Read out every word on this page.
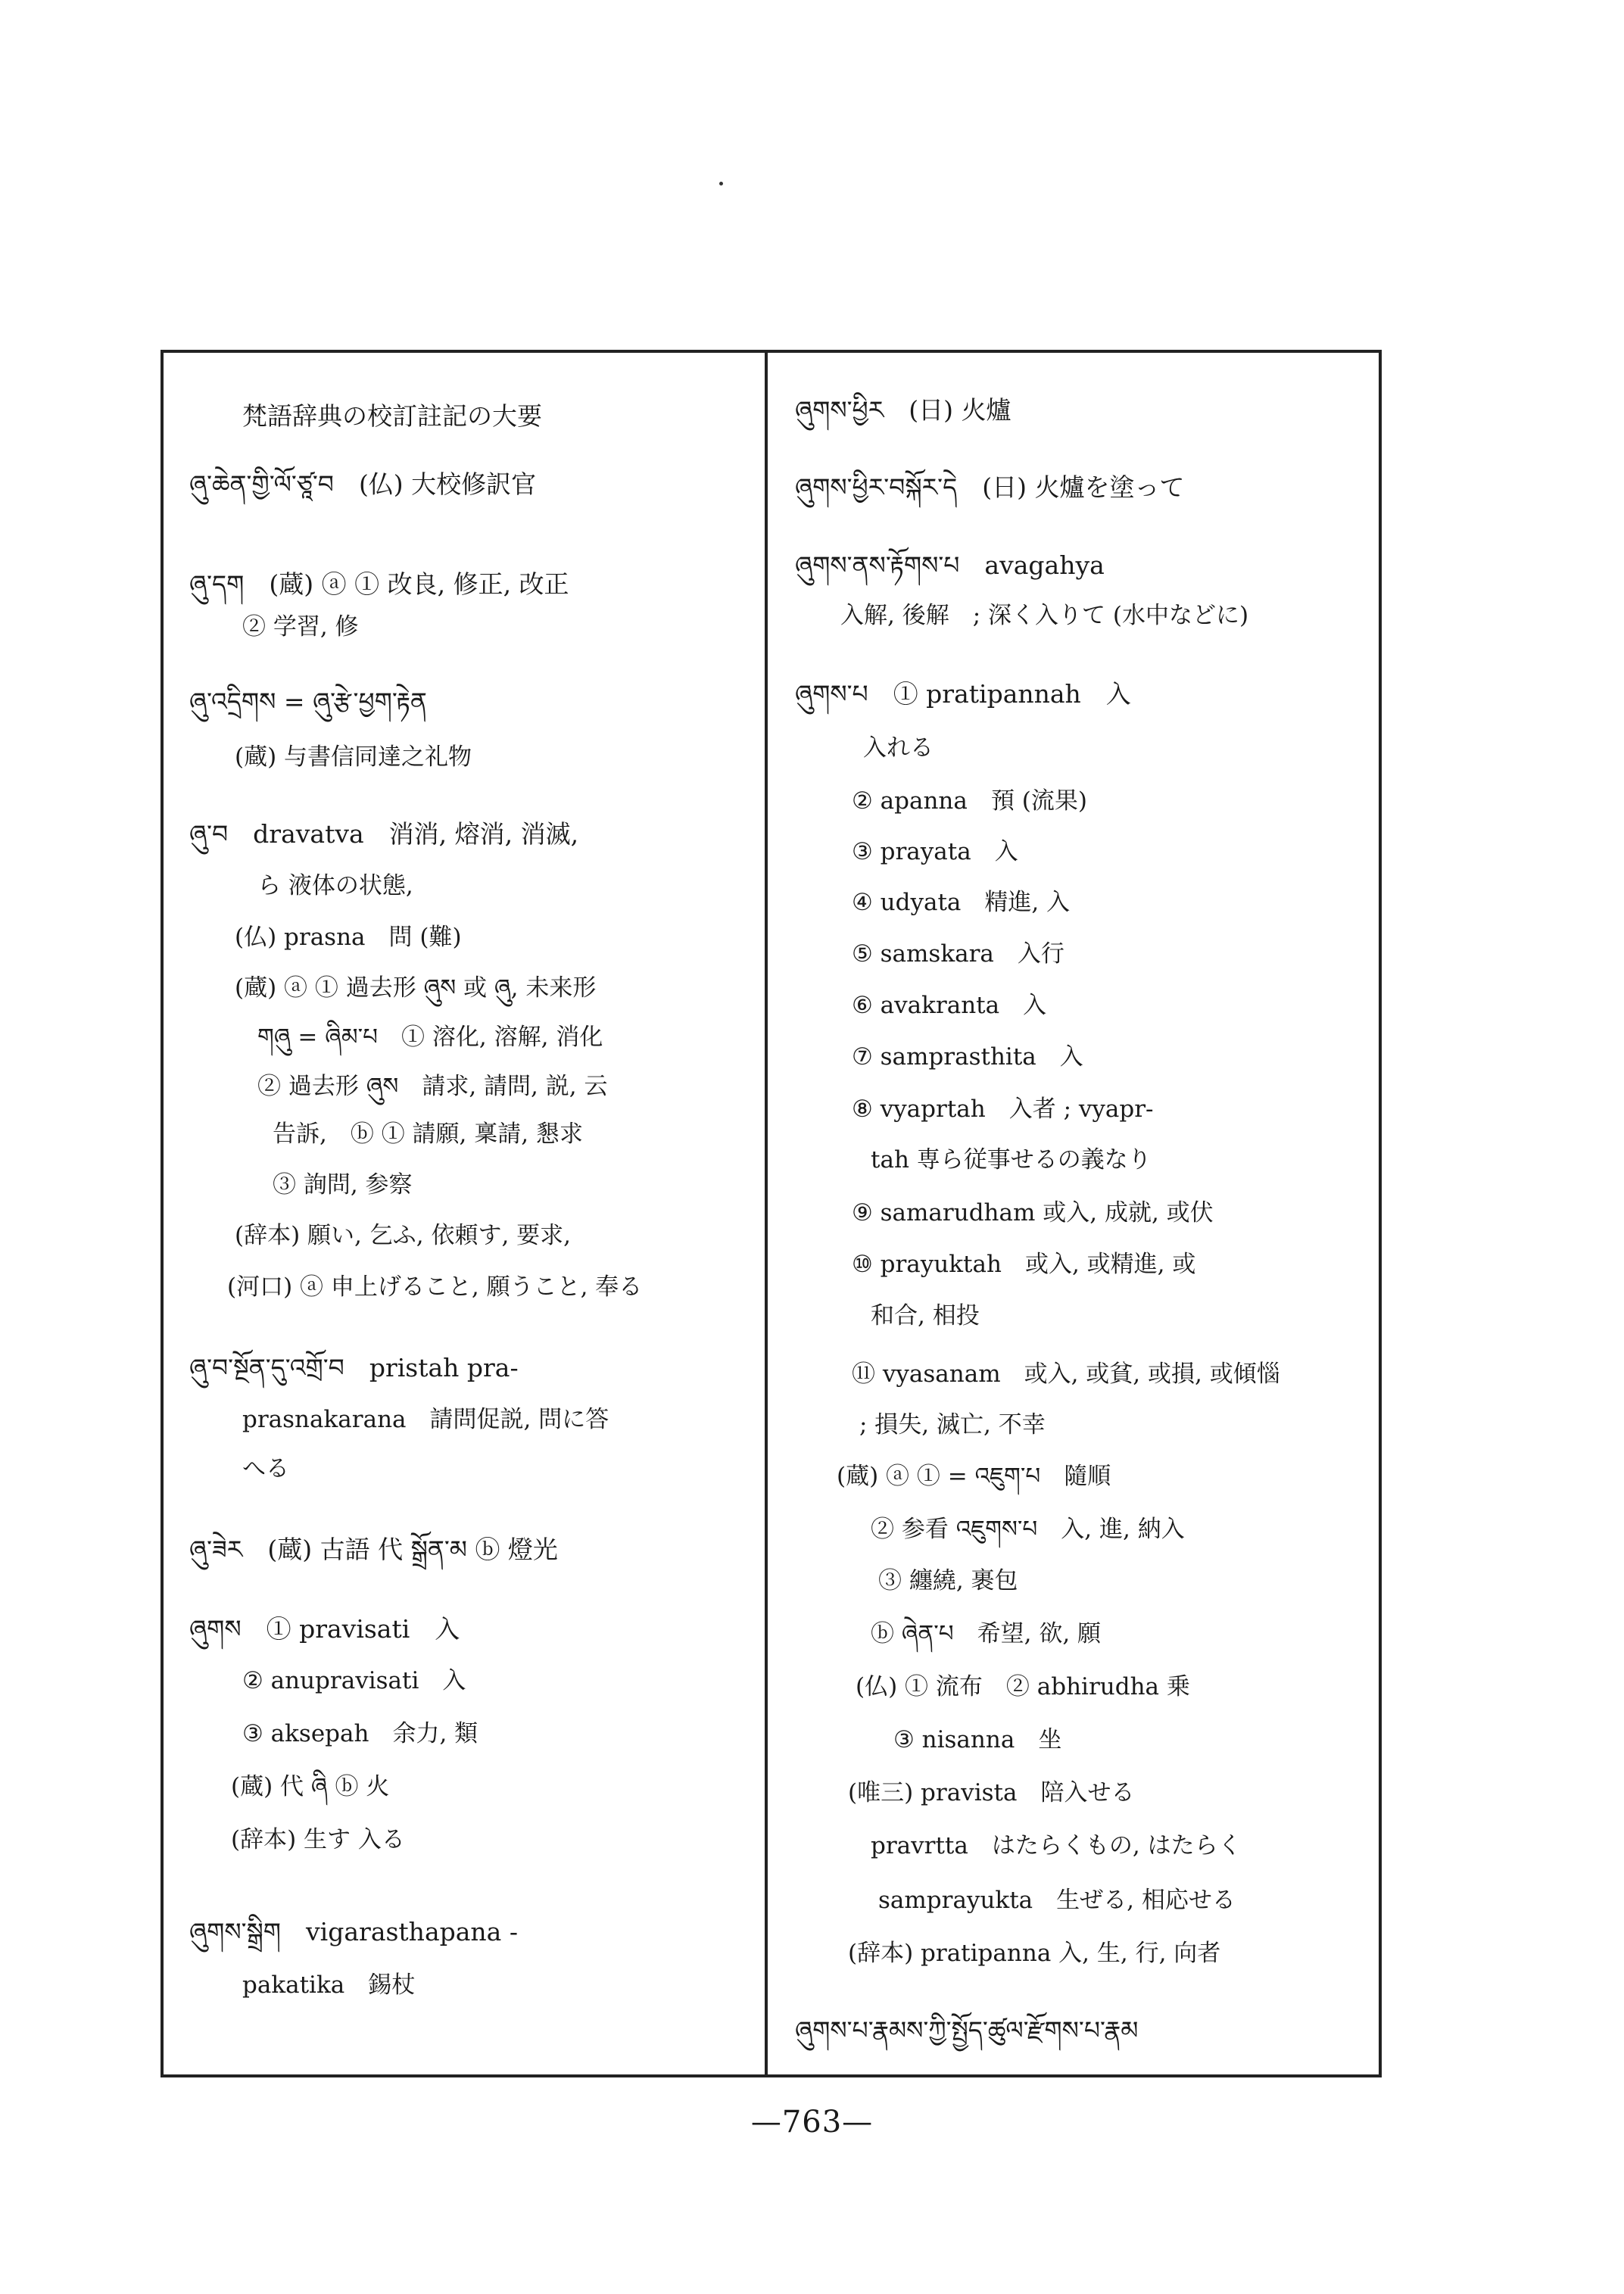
梵語辞典の校訂註記の大要
ཞུ་ཆེན་གྱི་ལོ་ཙཱ་བ　(仏) 大校修訳官
ཞུ་དག　(蔵) ⓐ ① 改良, 修正, 改正
② 学習, 修
ཞུ་འདྲིགས = ཞུ་རྩེ་ཕྱག་རྟེན
(蔵) 与書信同達之礼物
ཞུ་བ　dravatva　消消, 熔消, 消滅,
ら 液体の状態,
(仏) prasna　問 (難)
(蔵) ⓐ ① 過去形 ཞུས 或 ཞུ, 未来形
གཞུ = ཞིམ་པ　① 溶化, 溶解, 消化
② 過去形 ཞུས　請求, 請問, 説, 云
告訴,　ⓑ ① 請願, 稟請, 懇求
③ 詢問, 参察
(辞本) 願い, 乞ふ, 依頼す, 要求,
(河口) ⓐ 申上げること, 願うこと, 奉る
ཞུ་བ་སྔོན་དུ་འགྲོ་བ　pristah pra-
prasnakarana　請問促説, 問に答
へる
ཞུ་ཟེར　(蔵) 古語 代 སྒྲོན་མ ⓑ 燈光
ཞུགས　① pravisati　入
② anupravisati　入
③ aksepah　余力, 類
(蔵) 代 ཞི ⓑ 火
(辞本) 生す 入る
ཞུགས་སྒྲིག　vigarasthapana -
pakatika　錫杖
ཞུགས་ཕྱིར　(日) 火爐
ཞུགས་ཕྱིར་བསྐོར་དེ　(日) 火爐を塗って
ཞུགས་ནས་རྟོགས་པ　avagahya
入解, 後解　; 深く入りて (水中などに)
ཞུགས་པ　① pratipannah　入
入れる
② apanna　預 (流果)
③ prayata　入
④ udyata　精進, 入
⑤ samskara　入行
⑥ avakranta　入
⑦ samprasthita　入
⑧ vyaprtah　入者 ; vyapr-
tah 専ら従事せるの義なり
⑨ samarudham 或入, 成就, 或伏
⑩ prayuktah　或入, 或精進, 或
和合, 相投
⑪ vyasanam　或入, 或貧, 或損, 或傾惱
; 損失, 滅亡, 不幸
(蔵) ⓐ ① = འཇུག་པ　隨順
② 参看 འཇུགས་པ　入, 進, 納入
③ 纏繞, 裹包
ⓑ ཞེན་པ　希望, 欲, 願
(仏) ① 流布　② abhirudha 乗
③ nisanna　坐
(唯三) pravista　陪入せる
pravrtta　はたらくもの, はたらく
samprayukta　生ぜる, 相応せる
(辞本) pratipanna 入, 生, 行, 向者
ཞུགས་པ་རྣམས་ཀྱི་སྤྱོད་ཚུལ་རྫོགས་པ་རྣམ
—763—
